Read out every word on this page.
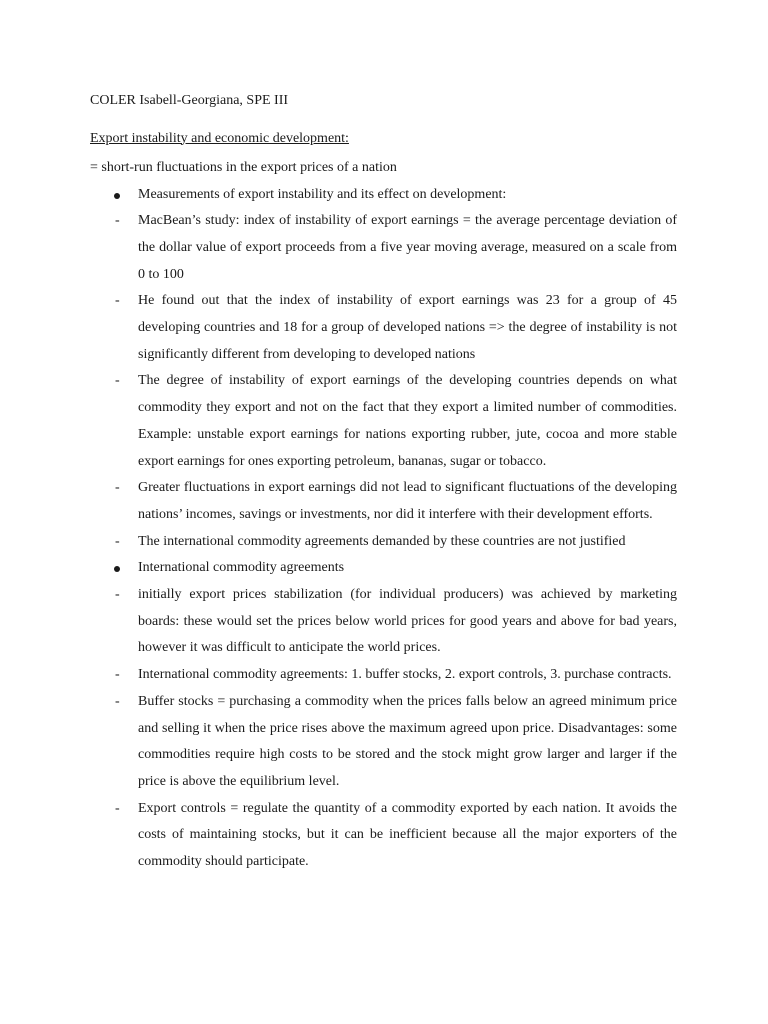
COLER Isabell-Georgiana, SPE III
Export instability and economic development:
= short-run fluctuations in the export prices of a nation
Measurements of export instability and its effect on development:
- MacBean’s study: index of instability of export earnings = the average percentage deviation of the dollar value of export proceeds from a five year moving average, measured on a scale from 0 to 100
- He found out that the index of instability of export earnings was 23 for a group of 45 developing countries and 18 for a group of developed nations => the degree of instability is not significantly different from developing to developed nations
- The degree of instability of export earnings of the developing countries depends on what commodity they export and not on the fact that they export a limited number of commodities. Example: unstable export earnings for nations exporting rubber, jute, cocoa and more stable export earnings for ones exporting petroleum, bananas, sugar or tobacco.
- Greater fluctuations in export earnings did not lead to significant fluctuations of the developing nations’ incomes, savings or investments, nor did it interfere with their development efforts.
- The international commodity agreements demanded by these countries are not justified
International commodity agreements
- initially export prices stabilization (for individual producers) was achieved by marketing boards: these would set the prices below world prices for good years and above for bad years, however it was difficult to anticipate the world prices.
- International commodity agreements: 1. buffer stocks, 2. export controls, 3. purchase contracts.
- Buffer stocks = purchasing a commodity when the prices falls below an agreed minimum price and selling it when the price rises above the maximum agreed upon price. Disadvantages: some commodities require high costs to be stored and the stock might grow larger and larger if the price is above the equilibrium level.
- Export controls = regulate the quantity of a commodity exported by each nation. It avoids the costs of maintaining stocks, but it can be inefficient because all the major exporters of the commodity should participate.
